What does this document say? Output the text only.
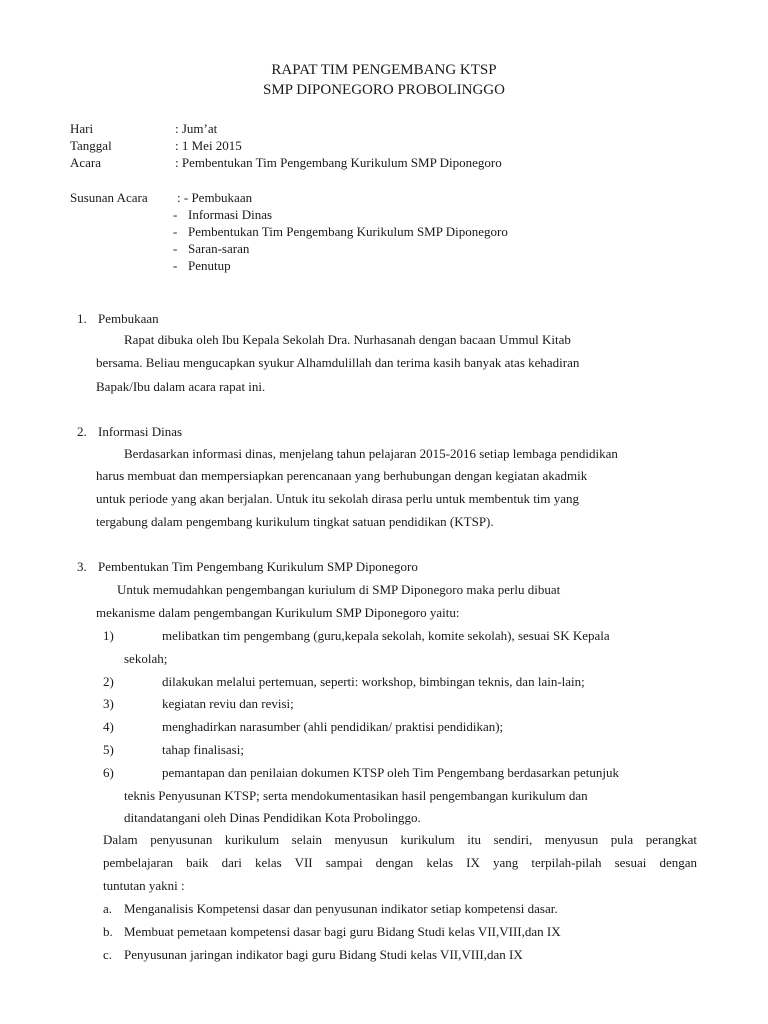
RAPAT TIM PENGEMBANG KTSP
SMP DIPONEGORO PROBOLINGGO
Hari	: Jum’at
Tanggal	: 1 Mei 2015
Acara	: Pembentukan Tim Pengembang Kurikulum SMP Diponegoro
Susunan Acara : - Pembukaan
- Informasi Dinas
- Pembentukan Tim Pengembang Kurikulum SMP Diponegoro
- Saran-saran
- Penutup
1. Pembukaan
Rapat dibuka oleh Ibu Kepala Sekolah Dra. Nurhasanah dengan bacaan Ummul Kitab
bersama. Beliau mengucapkan syukur Alhamdulillah dan terima kasih banyak atas kehadiran
Bapak/Ibu dalam acara rapat ini.
2. Informasi Dinas
Berdasarkan informasi dinas, menjelang tahun pelajaran 2015-2016 setiap lembaga pendidikan
harus membuat dan mempersiapkan perencanaan yang berhubungan dengan kegiatan akadmik
untuk periode yang akan berjalan. Untuk itu sekolah dirasa perlu untuk membentuk tim yang
tergabung dalam pengembang kurikulum tingkat satuan pendidikan (KTSP).
3. Pembentukan Tim Pengembang Kurikulum SMP Diponegoro
Untuk memudahkan pengembangan kuriulum di SMP Diponegoro maka perlu dibuat
mekanisme dalam pengembangan Kurikulum SMP Diponegoro yaitu:
1)	melibatkan tim pengembang (guru,kepala sekolah, komite sekolah), sesuai SK Kepala
sekolah;
2)	dilakukan melalui pertemuan, seperti: workshop, bimbingan teknis, dan lain-lain;
3)	kegiatan reviu dan revisi;
4)	menghadirkan narasumber (ahli pendidikan/ praktisi pendidikan);
5)	tahap finalisasi;
6)	pemantapan dan penilaian dokumen KTSP oleh Tim Pengembang berdasarkan petunjuk
teknis Penyusunan KTSP; serta mendokumentasikan hasil pengembangan kurikulum dan
ditandatangani oleh Dinas Pendidikan Kota Probolinggo.
Dalam penyusunan kurikulum selain menyusun kurikulum itu sendiri, menyusun pula perangkat
pembelajaran baik dari kelas VII sampai dengan kelas IX yang terpilah-pilah sesuai dengan
tuntutan yakni :
a. Menganalisis Kompetensi dasar dan penyusunan indikator setiap kompetensi dasar.
b. Membuat pemetaan kompetensi dasar bagi guru Bidang Studi kelas VII,VIII,dan IX
c. Penyusunan jaringan indikator bagi guru Bidang Studi kelas VII,VIII,dan IX
